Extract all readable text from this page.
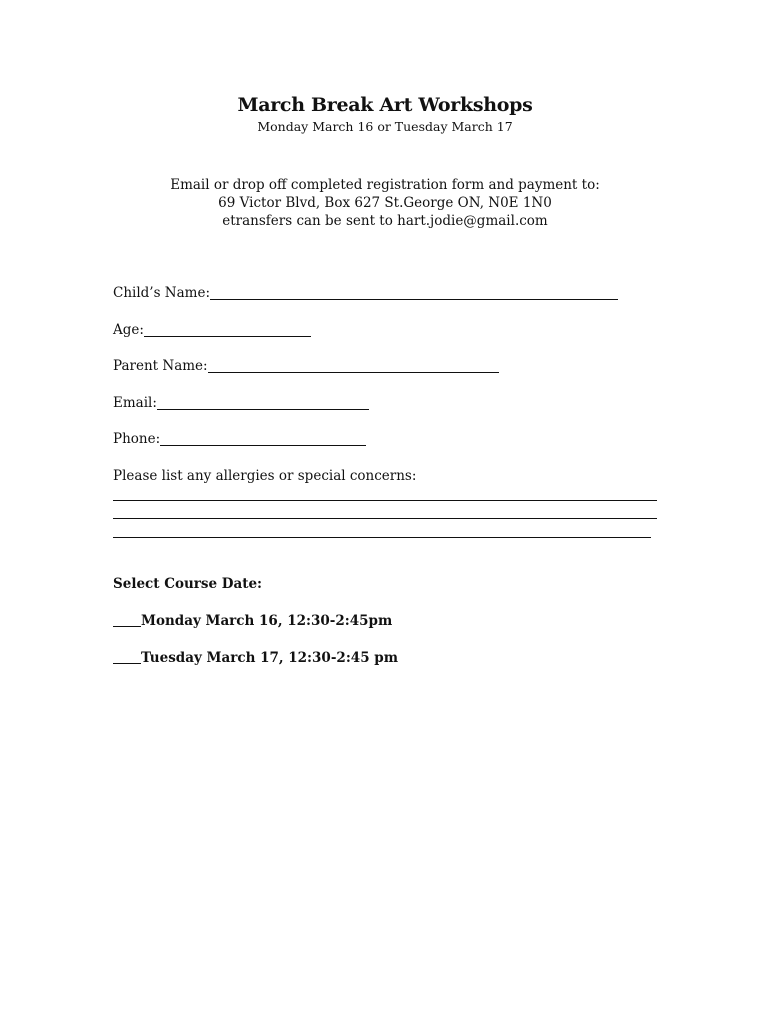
March Break Art Workshops
Monday March 16 or Tuesday March 17
Email or drop off completed registration form and payment to:
69 Victor Blvd, Box 627 St.George ON, N0E 1N0
etransfers can be sent to hart.jodie@gmail.com
Child’s Name:
Age:
Parent Name:
Email:
Phone:
Please list any allergies or special concerns:
Select Course Date:
Monday March 16, 12:30-2:45pm
Tuesday March 17, 12:30-2:45 pm
